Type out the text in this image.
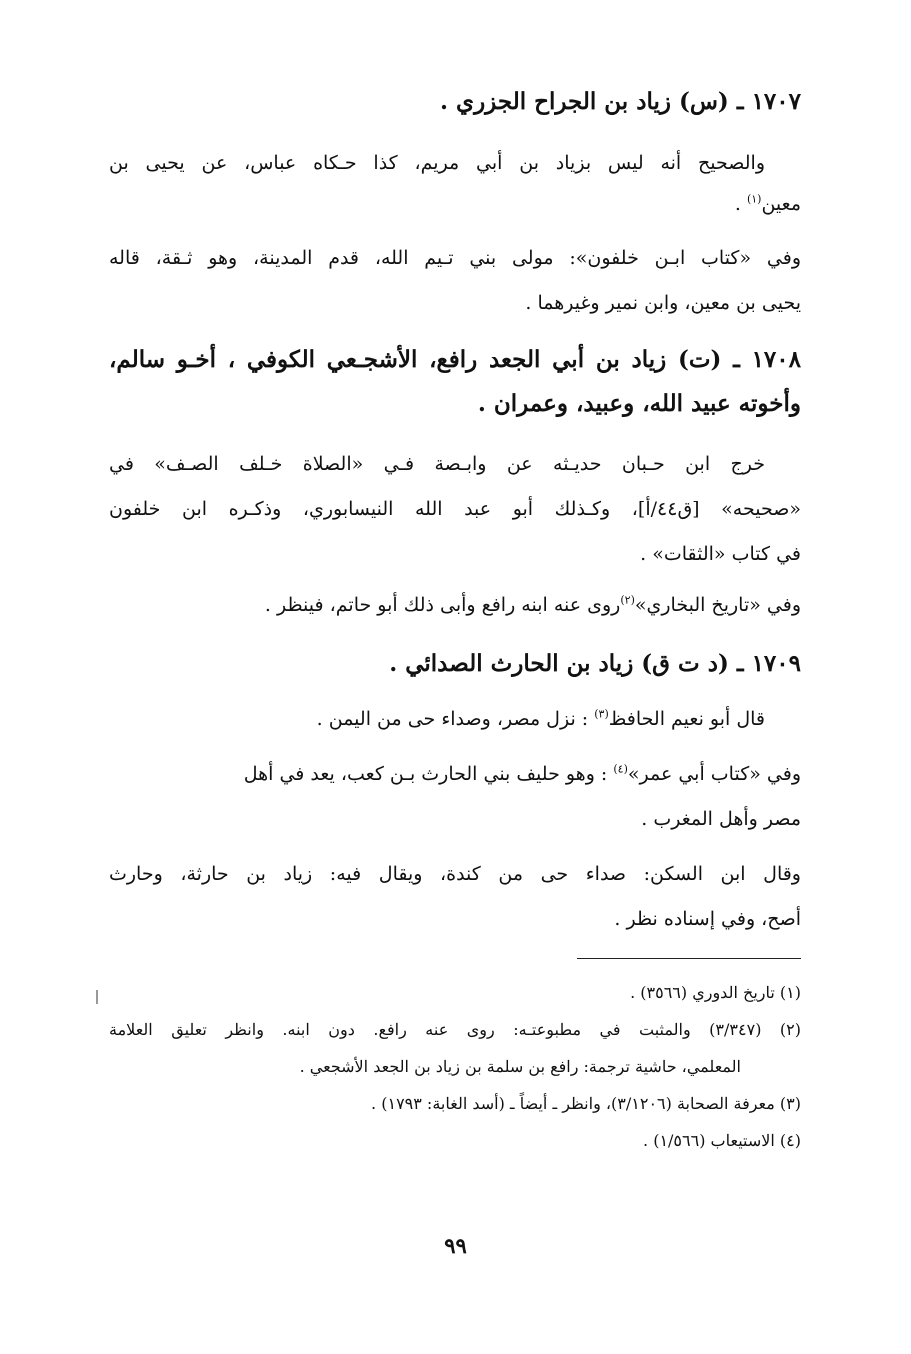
١٧٠٧ ـ (س) زياد بن الجراح الجزري .
والصحيح أنه ليس بزياد بن أبي مريم، كذا حـكاه عباس، عن يحيى بن
معين$^{(١)}$ .
وفي «كتاب ابـن خلفون»: مولى بني تـيم الله، قدم المدينة، وهو ثـقة، قاله
يحيى بن معين، وابن نمير وغيرهما .
١٧٠٨ ـ (ت) زياد بن أبي الجعد رافع، الأشجـعي الكوفي ، أخـو سالم،
وأخوته عبيد الله، وعبيد، وعمران .
خرج ابن حـبان حديـثه عن وابـصة فـي «الصلاة خـلف الصـف» في
«صحيحه» [ق٤٤/أ]، وكـذلك أبو عبد الله النيسابوري، وذكـره ابن خلفون
في كتاب «الثقات» .
وفي «تاريخ البخاري»$^{(٢)}$روى عنه ابنه رافع وأبى ذلك أبو حاتم، فينظر .
١٧٠٩ ـ (د ت ق) زياد بن الحارث الصدائي .
قال أبو نعيم الحافظ$^{(٣)}$ : نزل مصر، وصداء حى من اليمن .
وفي «كتاب أبي عمر»$^{(٤)}$ : وهو حليف بني الحارث بـن كعب، يعد في أهل
مصر وأهل المغرب .
وقال ابن السكن: صداء حى من كندة، ويقال فيه: زياد بن حارثة، وحارث
أصح، وفي إسناده نظر .
(١) تاريخ الدوري (٣٥٦٦) .
(٢) (٣/٣٤٧) والمثبت في مطبوعتـه: روى عنه رافع. دون ابنه. وانظر تعليق العلامة
المعلمي، حاشية ترجمة: رافع بن سلمة بن زياد بن الجعد الأشجعي .
(٣) معرفة الصحابة (٣/١٢٠٦)، وانظر ـ أيضاً ـ (أسد الغابة: ١٧٩٣) .
(٤) الاستيعاب (١/٥٦٦) .
٩٩
